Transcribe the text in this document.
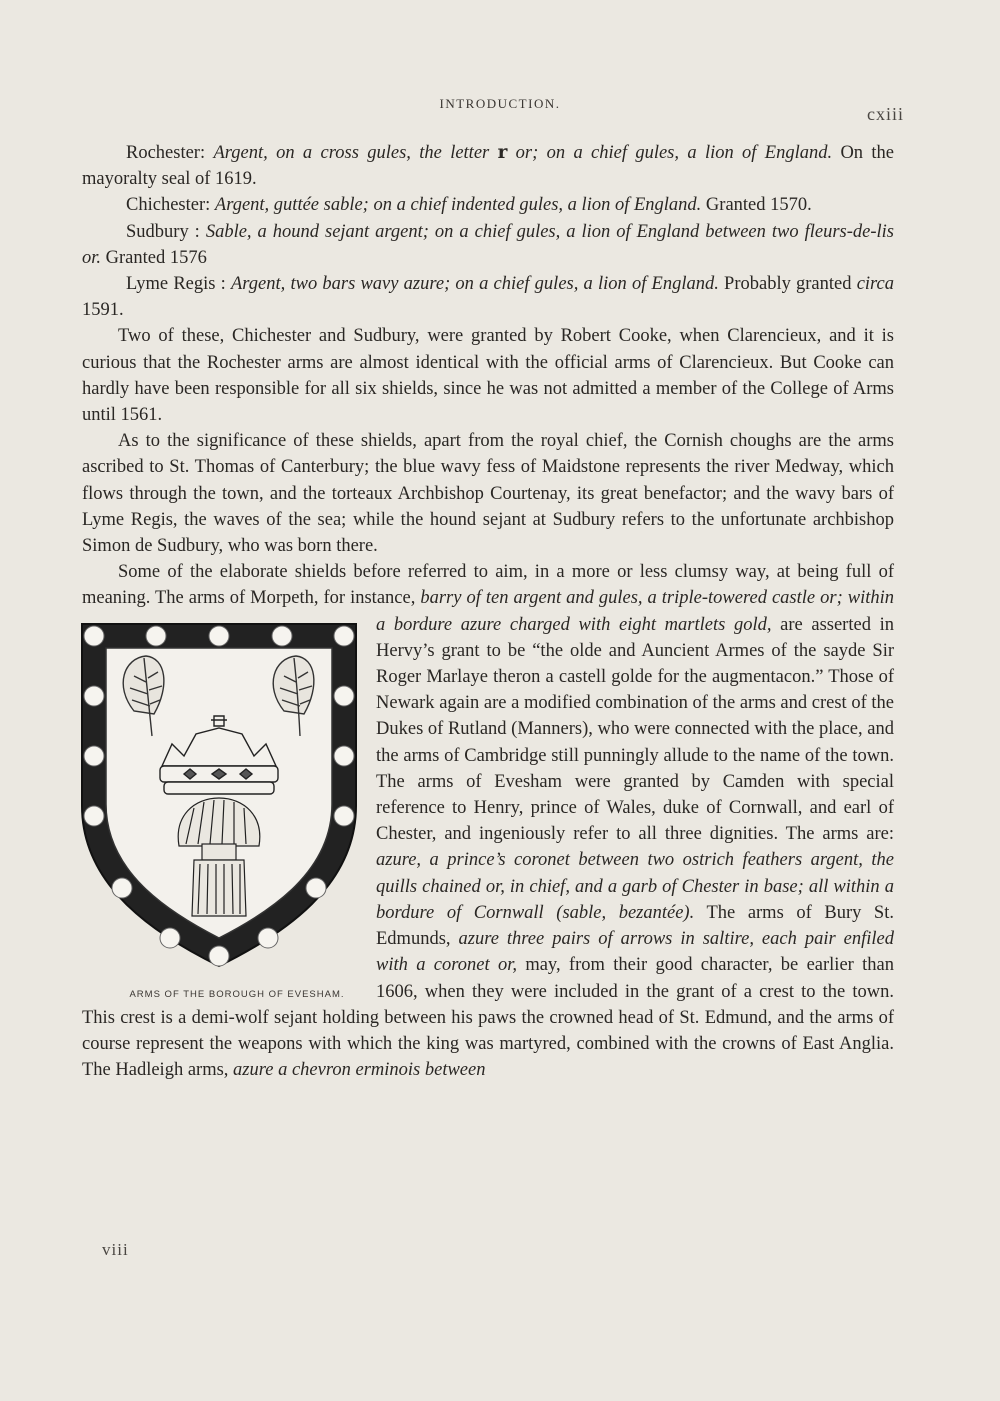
INTRODUCTION.
cxiii

Rochester: Argent, on a cross gules, the letter r or; on a chief gules, a lion of England. On the mayoralty seal of 1619.

Chichester: Argent, guttée sable; on a chief indented gules, a lion of England. Granted 1570.

Sudbury : Sable, a hound sejant argent; on a chief gules, a lion of England between two fleurs-de-lis or. Granted 1576

Lyme Regis : Argent, two bars wavy azure; on a chief gules, a lion of England. Probably granted circa 1591.

Two of these, Chichester and Sudbury, were granted by Robert Cooke, when Clarencieux, and it is curious that the Rochester arms are almost identical with the official arms of Clarencieux. But Cooke can hardly have been responsible for all six shields, since he was not admitted a member of the College of Arms until 1561.

As to the significance of these shields, apart from the royal chief, the Cornish choughs are the arms ascribed to St. Thomas of Canterbury; the blue wavy fess of Maidstone represents the river Medway, which flows through the town, and the torteaux Archbishop Courtenay, its great benefactor; and the wavy bars of Lyme Regis, the waves of the sea; while the hound sejant at Sudbury refers to the unfortunate archbishop Simon de Sudbury, who was born there.

Some of the elaborate shields before referred to aim, in a more or less clumsy way, at being full of meaning. The arms of Morpeth, for instance, barry of ten argent and gules, a triple-towered castle or; within a bordure azure charged with eight martlets gold,
ARMS OF THE BOROUGH OF EVESHAM.
are asserted in Hervy’s grant to be “the olde and Auncient Armes of the sayde Sir Roger Marlaye theron a castell golde for the augmentacon.” Those of Newark again are a modified combination of the arms and crest of the Dukes of Rutland (Manners), who were connected with the place, and the arms of Cambridge still punningly allude to the name of the town. The arms of Evesham were granted by Camden with special reference to Henry, prince of Wales, duke of Cornwall, and earl of Chester, and ingeniously refer to all three dignities. The arms are: azure, a prince’s coronet between two ostrich feathers argent, the quills chained or, in chief, and a garb of Chester in base; all within a bordure of Cornwall (sable, bezantée). The arms of Bury St. Edmunds, azure three pairs of arrows in saltire, each pair enfiled with a coronet or, may, from their good character, be earlier than 1606, when they were included in the grant of a crest to the town. This crest is a demi-wolf sejant holding between his paws the crowned head of St. Edmund, and the arms of course represent the weapons with which the king was martyred, combined with the crowns of East Anglia. The Hadleigh arms, azure a chevron erminois between

viii
